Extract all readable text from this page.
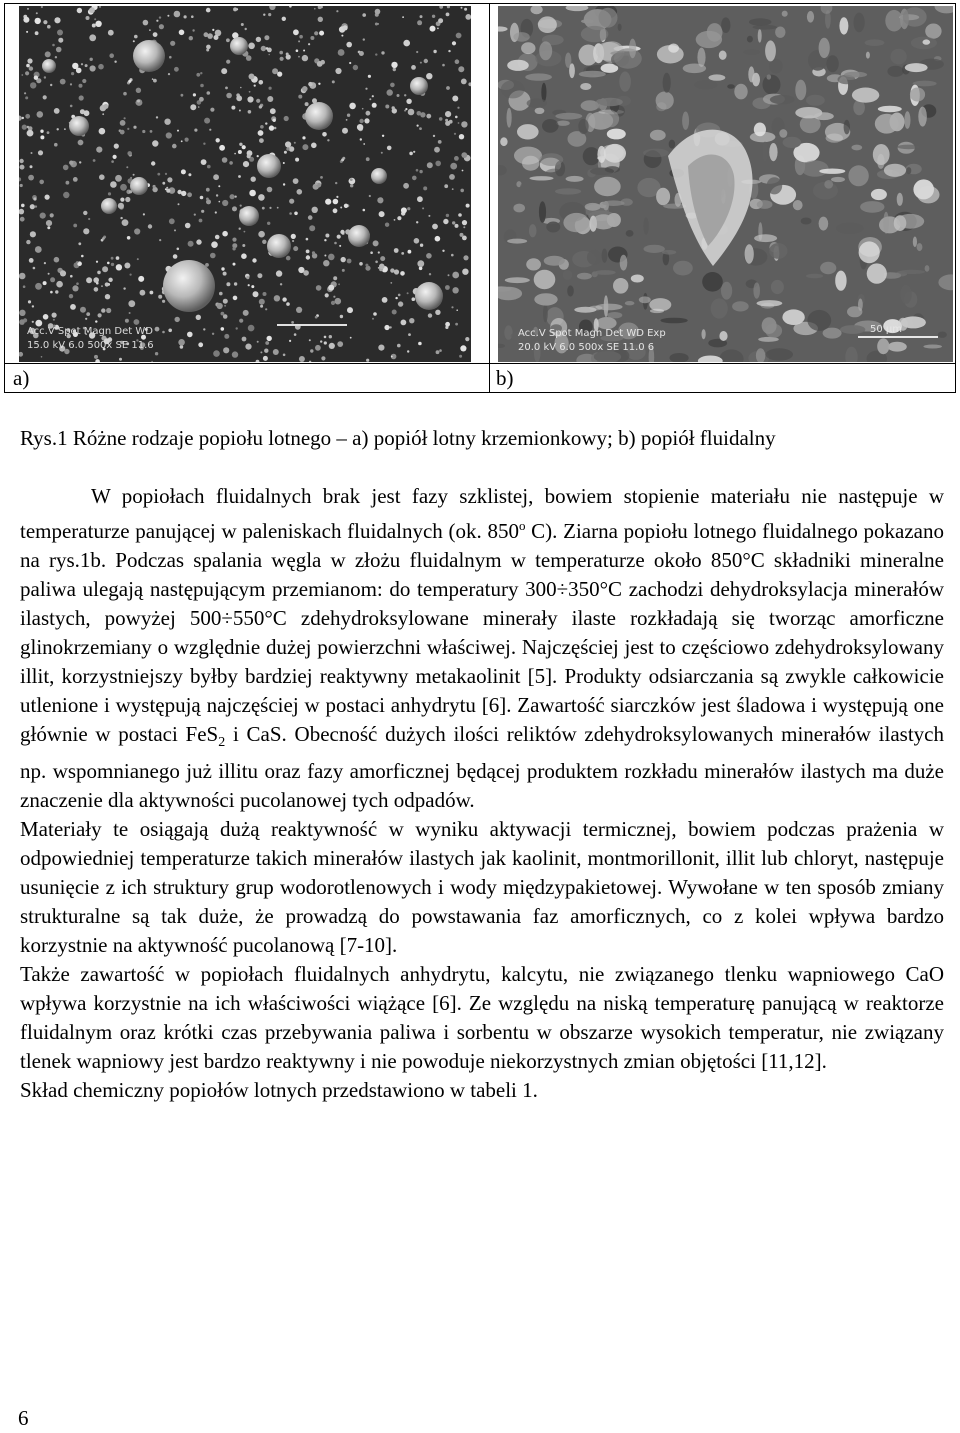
Acc.V Spot Magn Det WD
15.0 kV 6.0 500x SE 11.6
Acc.V Spot Magn Det WD Exp
20.0 kV 6.0 500x SE 11.0 6
50 µm
a)	b)

Rys.1 Różne rodzaje popiołu lotnego – a) popiół lotny krzemionkowy; b) popiół fluidalny

W popiołach fluidalnych brak jest fazy szklistej, bowiem stopienie materiału nie następuje w temperaturze panującej w paleniskach fluidalnych (ok. 850$^o$ C). Ziarna popiołu lotnego fluidalnego pokazano na rys.1b. Podczas spalania węgla w złożu fluidalnym w temperaturze około 850°C składniki mineralne paliwa ulegają następującym przemianom: do temperatury 300÷350°C zachodzi dehydroksylacja minerałów ilastych, powyżej 500÷550°C zdehydroksylowane minerały ilaste rozkładają się tworząc amorficzne glinokrzemiany o względnie dużej powierzchni właściwej. Najczęściej jest to częściowo zdehydroksylowany illit, korzystniejszy byłby bardziej reaktywny metakaolinit [5]. Produkty odsiarczania są zwykle całkowicie utlenione i występują najczęściej w postaci anhydrytu [6]. Zawartość siarczków jest śladowa i występują one głównie w postaci FeS$_2$ i CaS. Obecność dużych ilości reliktów zdehydroksylowanych minerałów ilastych np. wspomnianego już illitu oraz fazy amorficznej będącej produktem rozkładu minerałów ilastych ma duże znaczenie dla aktywności pucolanowej tych odpadów.

Materiały te osiągają dużą reaktywność w wyniku aktywacji termicznej, bowiem podczas prażenia w odpowiedniej temperaturze takich minerałów ilastych jak kaolinit, montmorillonit, illit lub chloryt, następuje usunięcie z ich struktury grup wodorotlenowych i wody międzypakietowej. Wywołane w ten sposób zmiany strukturalne są tak duże, że prowadzą do powstawania faz amorficznych, co z kolei wpływa bardzo korzystnie na aktywność pucolanową [7-10].

Także zawartość w popiołach fluidalnych anhydrytu, kalcytu, nie związanego tlenku wapniowego CaO wpływa korzystnie na ich właściwości wiążące [6]. Ze względu na niską temperaturę panującą w reaktorze fluidalnym oraz krótki czas przebywania paliwa i sorbentu w obszarze wysokich temperatur, nie związany tlenek wapniowy jest bardzo reaktywny i nie powoduje niekorzystnych zmian objętości [11,12].

Skład chemiczny popiołów lotnych przedstawiono w tabeli 1.

6
